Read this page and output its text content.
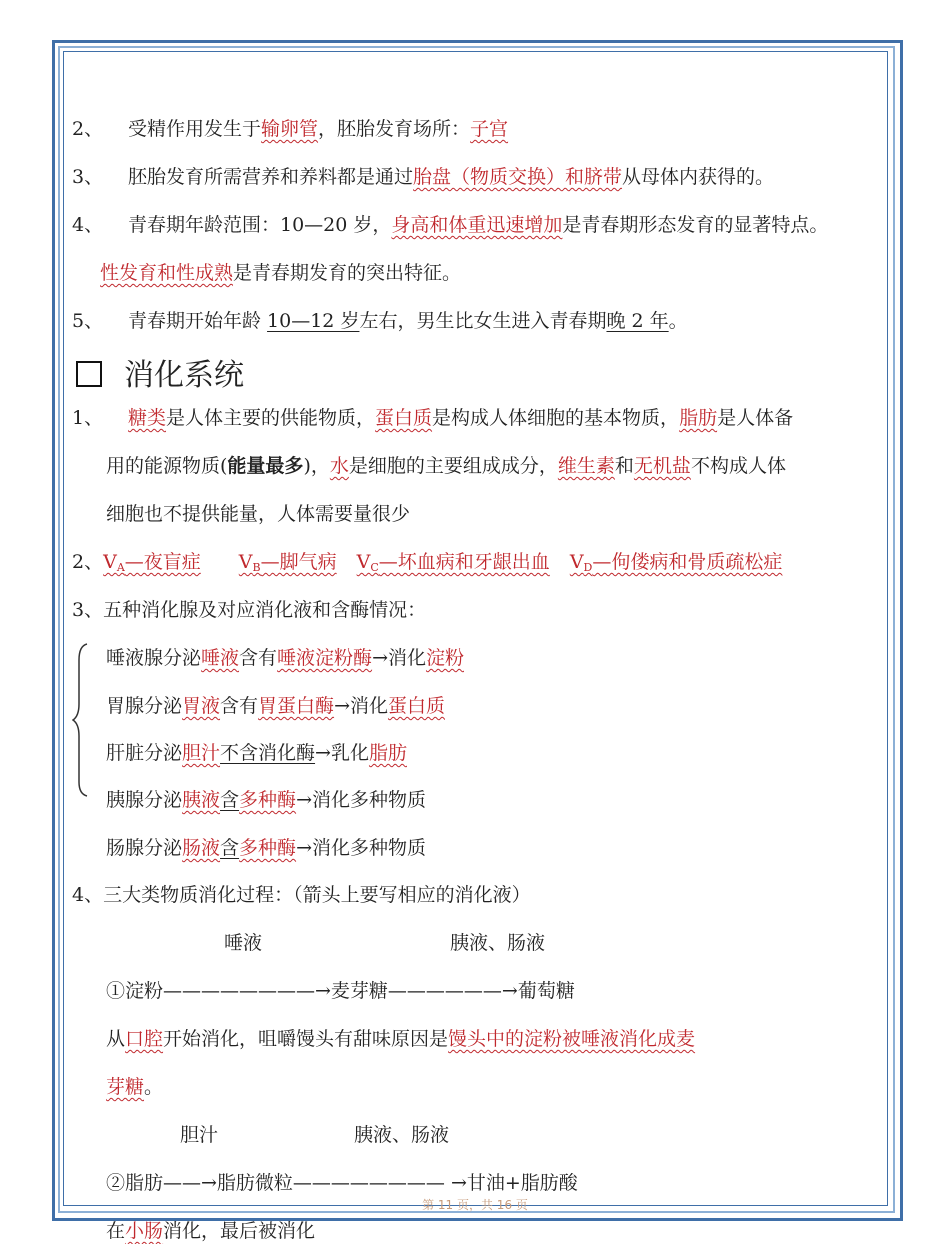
2、 受精作用发生于输卵管，胚胎发育场所：子宫
3、 胚胎发育所需营养和养料都是通过胎盘（物质交换）和脐带从母体内获得的。
4、 青春期年龄范围：10—20 岁，身高和体重迅速增加是青春期形态发育的显著特点。
性发育和性成熟是青春期发育的突出特征。
5、 青春期开始年龄 10—12 岁左右，男生比女生进入青春期晚 2 年。
消化系统
1、 糖类是人体主要的供能物质，蛋白质是构成人体细胞的基本物质，脂肪是人体备
用的能源物质(能量最多)，水是细胞的主要组成成分，维生素和无机盐不构成人体
细胞也不提供能量，人体需要量很少
2、$V_A—$夜盲症 $V_B—$脚气病 $V_C—$坏血病和牙龈出血 $V_D—$佝偻病和骨质疏松症
3、五种消化腺及对应消化液和含酶情况：
唾液腺分泌唾液含有唾液淀粉酶→消化淀粉
胃腺分泌胃液含有胃蛋白酶→消化蛋白质
肝脏分泌胆汁不含消化酶→乳化脂肪
胰腺分泌胰液含多种酶→消化多种物质
肠腺分泌肠液含多种酶→消化多种物质
4、三大类物质消化过程：（箭头上要写相应的消化液）
唾液	胰液、肠液
①淀粉————————→麦芽糖——————→葡萄糖
从口腔开始消化，咀嚼馒头有甜味原因是馒头中的淀粉被唾液消化成麦
芽糖。
胆汁	胰液、肠液
②脂肪——→脂肪微粒———————— →甘油+脂肪酸
在小肠消化，最后被消化
第 11 页，共 16 页
